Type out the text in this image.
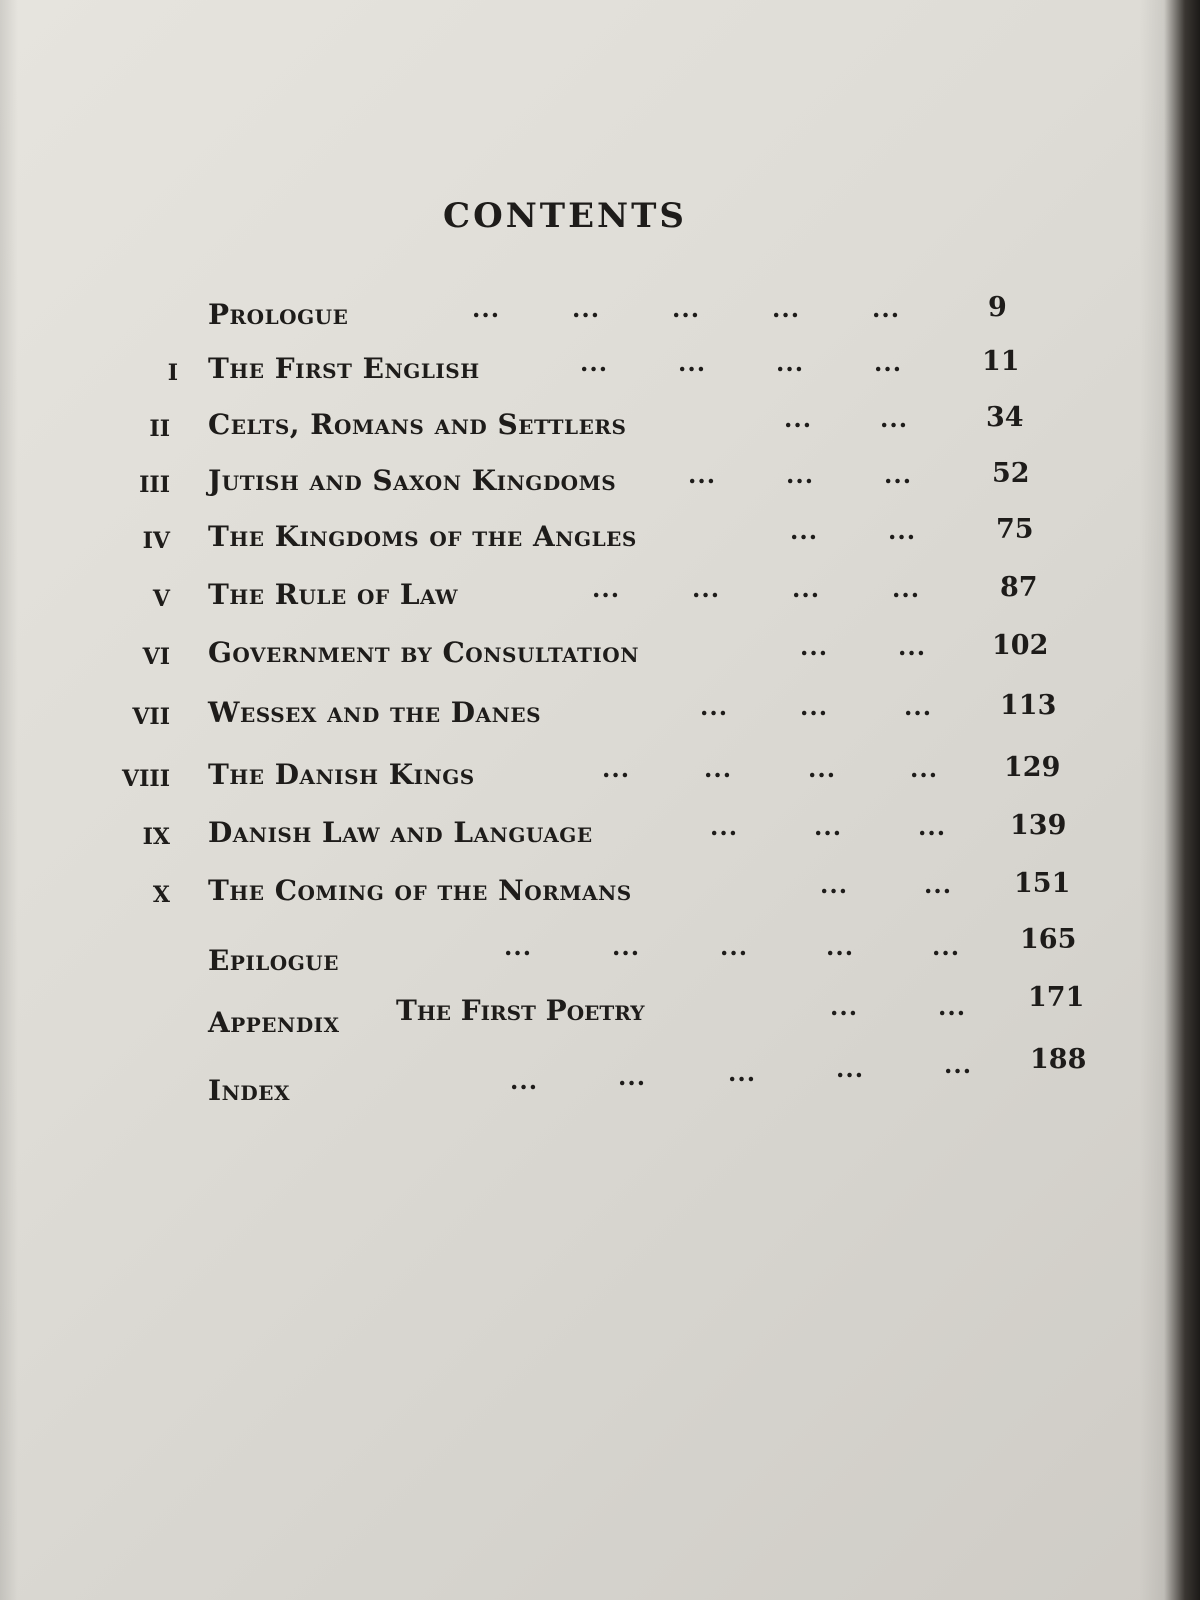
CONTENTS
Prologue	...	...	...	...	...	9
I The First English	...	...	...	...	11
II Celts, Romans and Settlers	...	...	34
III Jutish and Saxon Kingdoms	...	...	...	52
IV The Kingdoms of the Angles	...	...	75
V The Rule of Law	...	...	...	...	87
VI Government by Consultation	...	... 102
VII Wessex and the Danes	...	...	...	113
VIII The Danish Kings	...	...	...	... 129
IX Danish Law and Language	...	...	... 139
X The Coming of the Normans	...	... 151
Epilogue	...	...	...	...	... 165
Appendix The First Poetry	...	... 171
Index	...	...	...	...	... 188
